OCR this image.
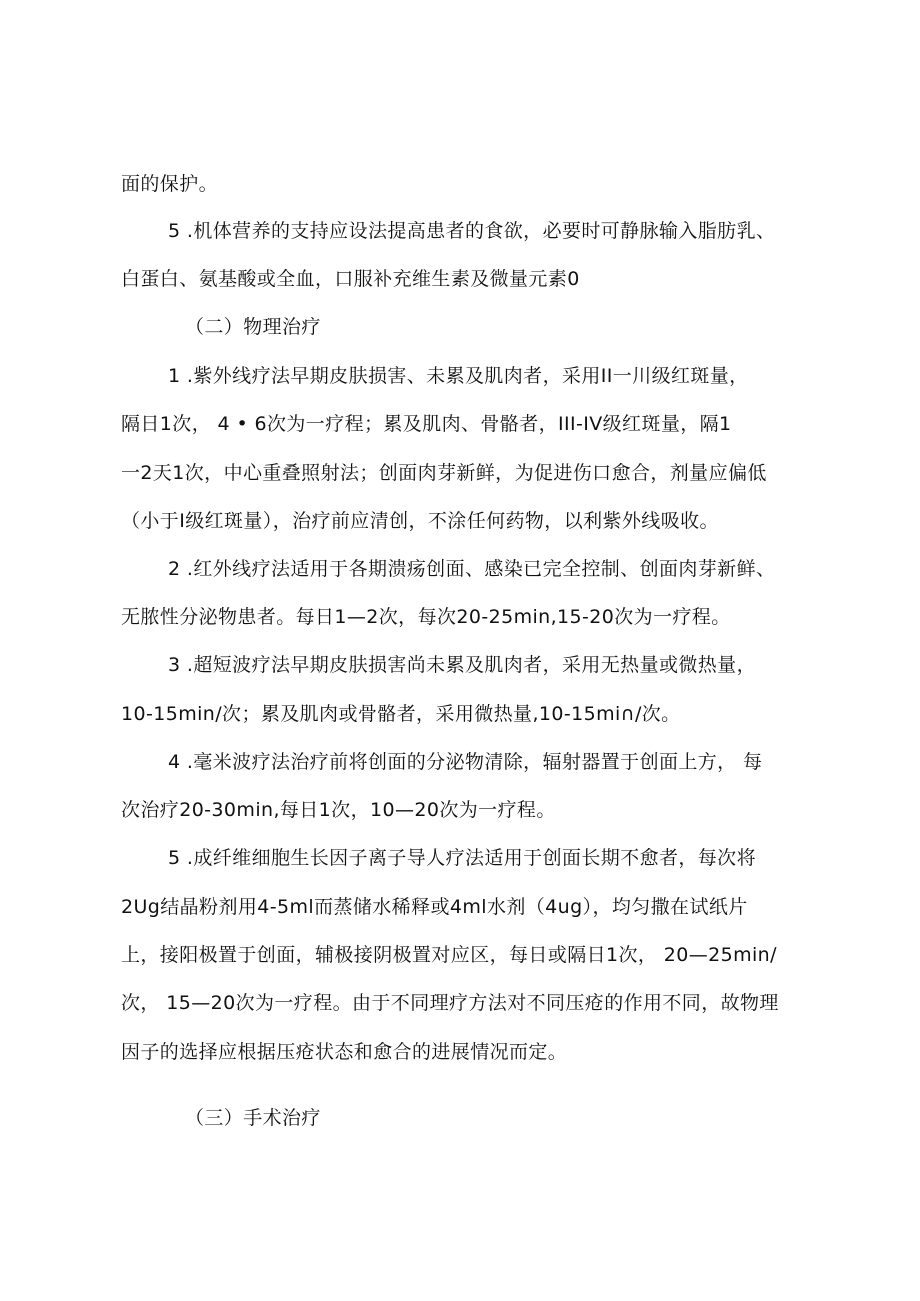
面的保护。
5 .机体营养的支持应设法提高患者的食欲，必要时可静脉输入脂肪乳、
白蛋白、氨基酸或全血，口服补充维生素及微量元素0
（二）物理治疗
1 .紫外线疗法早期皮肤损害、未累及肌肉者，采用II一川级红斑量，
隔日1次， 4 • 6次为一疗程；累及肌肉、骨骼者，III-IV级红斑量，隔1
一2天1次，中心重叠照射法；创面肉芽新鲜，为促进伤口愈合，剂量应偏低
（小于I级红斑量），治疗前应清创，不涂任何药物，以利紫外线吸收。
2 .红外线疗法适用于各期溃疡创面、感染已完全控制、创面肉芽新鲜、
无脓性分泌物患者。每日1—2次，每次20-25min,15-20次为一疗程。
3 .超短波疗法早期皮肤损害尚未累及肌肉者，采用无热量或微热量，
10-15min/次；累及肌肉或骨骼者，采用微热量,10-15mi∩/次。
4 .毫米波疗法治疗前将创面的分泌物清除，辐射器置于创面上方， 每
次治疗20-30min,每日1次，10—20次为一疗程。
5 .成纤维细胞生长因子离子导人疗法适用于创面长期不愈者，每次将
2Ug结晶粉剂用4-5ml而蒸储水稀释或4ml水剂（4ug），均匀撒在试纸片
上，接阳极置于创面，辅极接阴极置对应区，每日或隔日1次， 20—25min∕
次， 15—20次为一疗程。由于不同理疗方法对不同压疮的作用不同，故物理
因子的选择应根据压疮状态和愈合的进展情况而定。
（三）手术治疗
